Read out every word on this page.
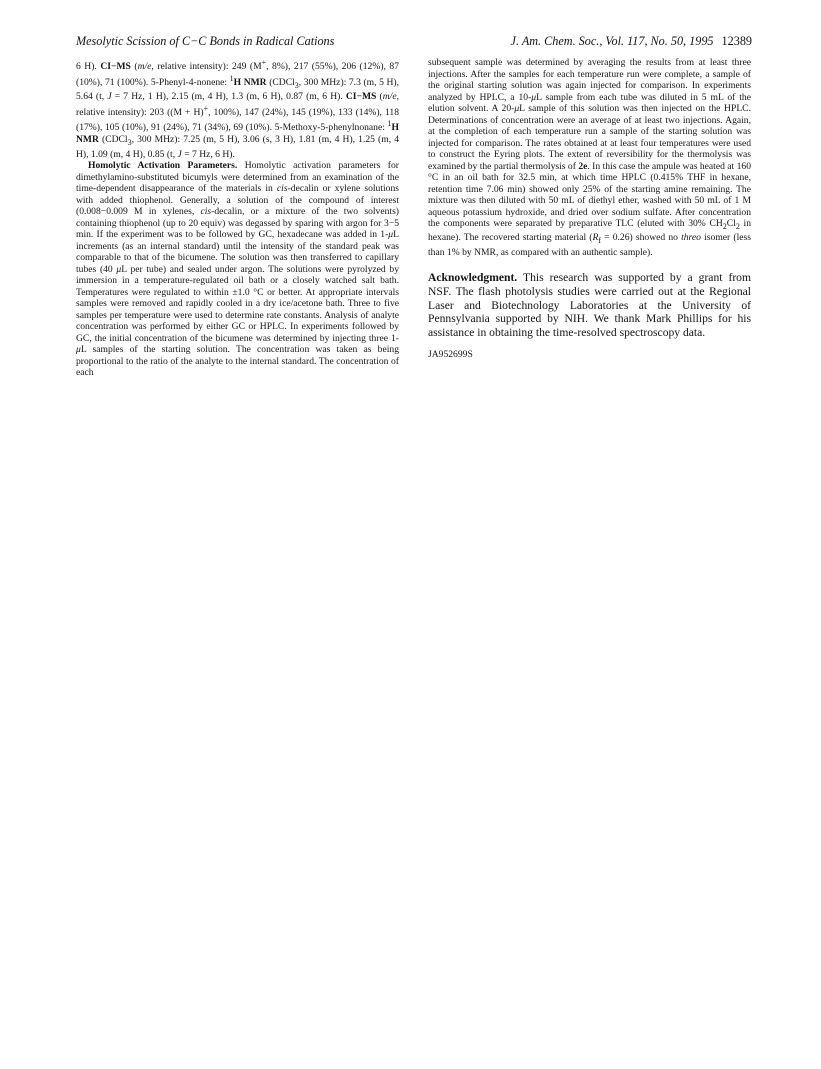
Mesolytic Scission of C−C Bonds in Radical Cations	J. Am. Chem. Soc., Vol. 117, No. 50, 1995 12389

6 H). CI−MS (m/e, relative intensity): 249 (M+, 8%), 217 (55%), 206 (12%), 87 (10%), 71 (100%). 5-Phenyl-4-nonene: $^1$H NMR (CDCl$_3$, 300 MHz): 7.3 (m, 5 H), 5.64 (t, J = 7 Hz, 1 H), 2.15 (m, 4 H), 1.3 (m, 6 H), 0.87 (m, 6 H). CI−MS (m/e, relative intensity): 203 ((M + H)+, 100%), 147 (24%), 145 (19%), 133 (14%), 118 (17%), 105 (10%), 91 (24%), 71 (34%), 69 (10%). 5-Methoxy-5-phenylnonane: $^1$H NMR (CDCl$_3$, 300 MHz): 7.25 (m, 5 H), 3.06 (s, 3 H), 1.81 (m, 4 H), 1.25 (m, 4 H), 1.09 (m, 4 H), 0.85 (t, J = 7 Hz, 6 H).

Homolytic Activation Parameters. Homolytic activation parameters for dimethylamino-substituted bicumyls were determined from an examination of the time-dependent disappearance of the materials in cis-decalin or xylene solutions with added thiophenol. Generally, a solution of the compound of interest (0.008−0.009 M in xylenes, cis-decalin, or a mixture of the two solvents) containing thiophenol (up to 20 equiv) was degassed by sparing with argon for 3−5 min. If the experiment was to be followed by GC, hexadecane was added in 1-μL increments (as an internal standard) until the intensity of the standard peak was comparable to that of the bicumene. The solution was then transferred to capillary tubes (40 μL per tube) and sealed under argon. The solutions were pyrolyzed by immersion in a temperature-regulated oil bath or a closely watched salt bath. Temperatures were regulated to within ±1.0 °C or better. At appropriate intervals samples were removed and rapidly cooled in a dry ice/acetone bath. Three to five samples per temperature were used to determine rate constants. Analysis of analyte concentration was performed by either GC or HPLC. In experiments followed by GC, the initial concentration of the bicumene was determined by injecting three 1-μL samples of the starting solution. The concentration was taken as being proportional to the ratio of the analyte to the internal standard. The concentration of each

subsequent sample was determined by averaging the results from at least three injections. After the samples for each temperature run were complete, a sample of the original starting solution was again injected for comparison. In experiments analyzed by HPLC, a 10-μL sample from each tube was diluted in 5 mL of the elution solvent. A 20-μL sample of this solution was then injected on the HPLC. Determinations of concentration were an average of at least two injections. Again, at the completion of each temperature run a sample of the starting solution was injected for comparison. The rates obtained at at least four temperatures were used to construct the Eyring plots. The extent of reversibility for the thermolysis was examined by the partial thermolysis of 2e. In this case the ampule was heated at 160 °C in an oil bath for 32.5 min, at which time HPLC (0.415% THF in hexane, retention time 7.06 min) showed only 25% of the starting amine remaining. The mixture was then diluted with 50 mL of diethyl ether, washed with 50 mL of 1 M aqueous potassium hydroxide, and dried over sodium sulfate. After concentration the components were separated by preparative TLC (eluted with 30% $CH_2Cl_2$ in hexane). The recovered starting material $(R_f = 0.26)$ showed no threo isomer (less than 1% by NMR, as compared with an authentic sample).

Acknowledgment. This research was supported by a grant from NSF. The flash photolysis studies were carried out at the Regional Laser and Biotechnology Laboratories at the University of Pennsylvania supported by NIH. We thank Mark Phillips for his assistance in obtaining the time-resolved spectroscopy data.

JA952699S
